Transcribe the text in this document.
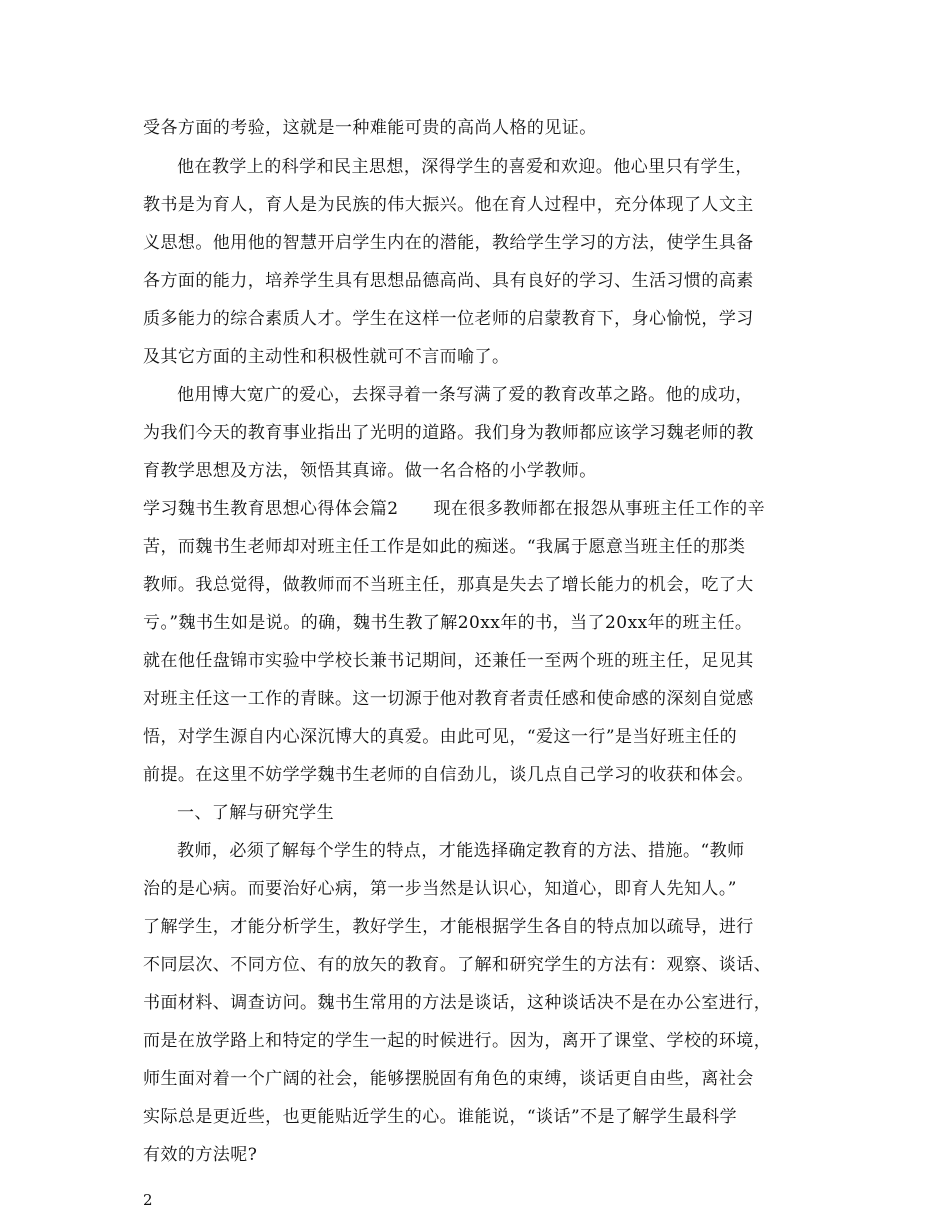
受各方面的考验，这就是一种难能可贵的高尚人格的见证。
他在教学上的科学和民主思想，深得学生的喜爱和欢迎。他心里只有学生，
教书是为育人，育人是为民族的伟大振兴。他在育人过程中，充分体现了人文主
义思想。他用他的智慧开启学生内在的潜能，教给学生学习的方法，使学生具备
各方面的能力，培养学生具有思想品德高尚、具有良好的学习、生活习惯的高素
质多能力的综合素质人才。学生在这样一位老师的启蒙教育下，身心愉悦，学习
及其它方面的主动性和积极性就可不言而喻了。
他用博大宽广的爱心，去探寻着一条写满了爱的教育改革之路。他的成功，
为我们今天的教育事业指出了光明的道路。我们身为教师都应该学习魏老师的教
育教学思想及方法，领悟其真谛。做一名合格的小学教师。
学习魏书生教育思想心得体会篇2　　现在很多教师都在报怨从事班主任工作的辛
苦，而魏书生老师却对班主任工作是如此的痴迷。“我属于愿意当班主任的那类
教师。我总觉得，做教师而不当班主任，那真是失去了增长能力的机会，吃了大
亏。”魏书生如是说。的确，魏书生教了解20xx年的书，当了20xx年的班主任。
就在他任盘锦市实验中学校长兼书记期间，还兼任一至两个班的班主任，足见其
对班主任这一工作的青睐。这一切源于他对教育者责任感和使命感的深刻自觉感
悟，对学生源自内心深沉博大的真爱。由此可见，“爱这一行”是当好班主任的
前提。在这里不妨学学魏书生老师的自信劲儿，谈几点自己学习的收获和体会。
一、了解与研究学生
教师，必须了解每个学生的特点，才能选择确定教育的方法、措施。“教师
治的是心病。而要治好心病，第一步当然是认识心，知道心，即育人先知人。”
了解学生，才能分析学生，教好学生，才能根据学生各自的特点加以疏导，进行
不同层次、不同方位、有的放矢的教育。了解和研究学生的方法有：观察、谈话、
书面材料、调查访问。魏书生常用的方法是谈话，这种谈话决不是在办公室进行，
而是在放学路上和特定的学生一起的时候进行。因为，离开了课堂、学校的环境，
师生面对着一个广阔的社会，能够摆脱固有角色的束缚，谈话更自由些，离社会
实际总是更近些，也更能贴近学生的心。谁能说，“谈话”不是了解学生最科学
有效的方法呢?
2
